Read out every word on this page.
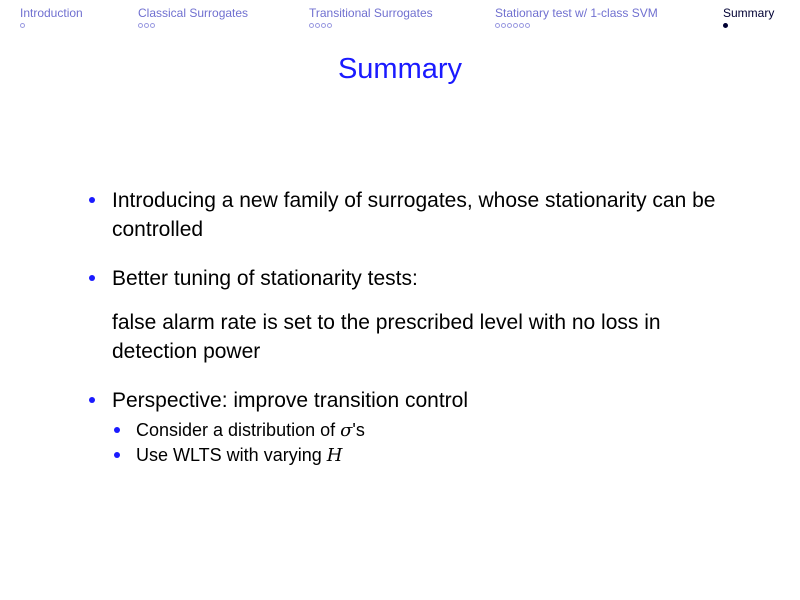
Introduction	Classical Surrogates	Transitional Surrogates	Stationary test w/ 1-class SVM	Summary
Summary
Introducing a new family of surrogates, whose stationarity can be controlled
Better tuning of stationarity tests:
false alarm rate is set to the prescribed level with no loss in detection power
Perspective: improve transition control
Consider a distribution of σ's
Use WLTS with varying H
